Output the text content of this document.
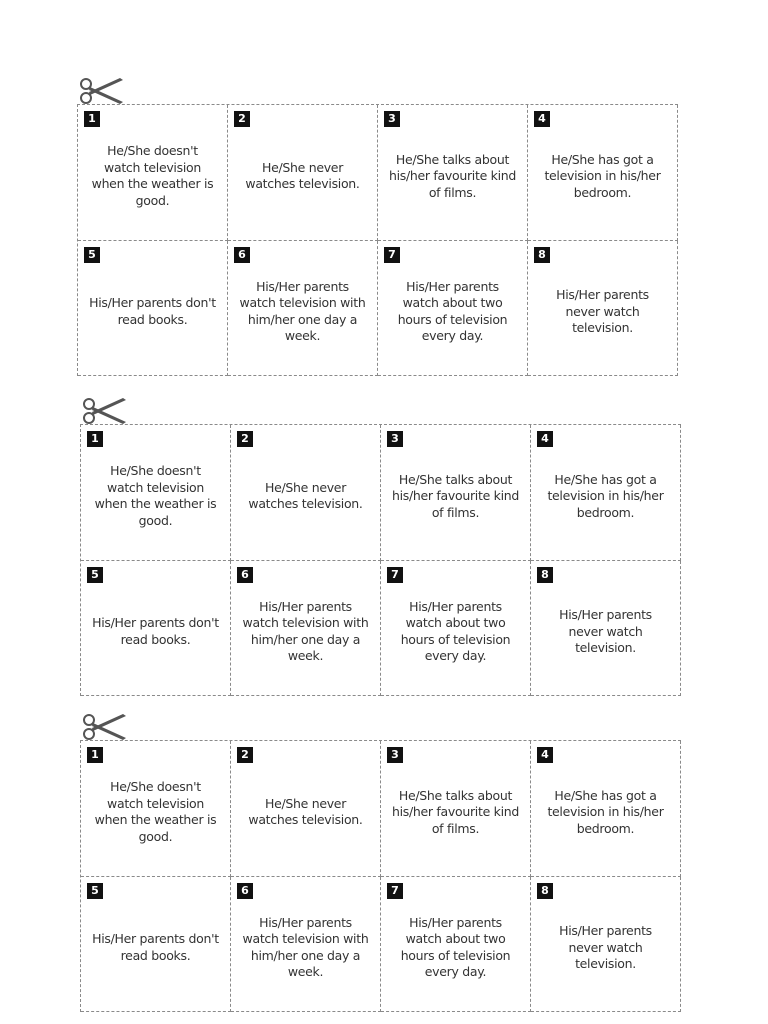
1
He/She doesn't watch television when the weather is good.
2
He/She never watches television.
3
He/She talks about his/her favourite kind of films.
4
He/She has got a television in his/her bedroom.
5
His/Her parents don't read books.
6
His/Her parents watch television with him/her one day a week.
7
His/Her parents watch about two hours of television every day.
8
His/Her parents never watch television.
1
He/She doesn't watch television when the weather is good.
2
He/She never watches television.
3
He/She talks about his/her favourite kind of films.
4
He/She has got a television in his/her bedroom.
5
His/Her parents don't read books.
6
His/Her parents watch television with him/her one day a week.
7
His/Her parents watch about two hours of television every day.
8
His/Her parents never watch television.
1
He/She doesn't watch television when the weather is good.
2
He/She never watches television.
3
He/She talks about his/her favourite kind of films.
4
He/She has got a television in his/her bedroom.
5
His/Her parents don't read books.
6
His/Her parents watch television with him/her one day a week.
7
His/Her parents watch about two hours of television every day.
8
His/Her parents never watch television.
